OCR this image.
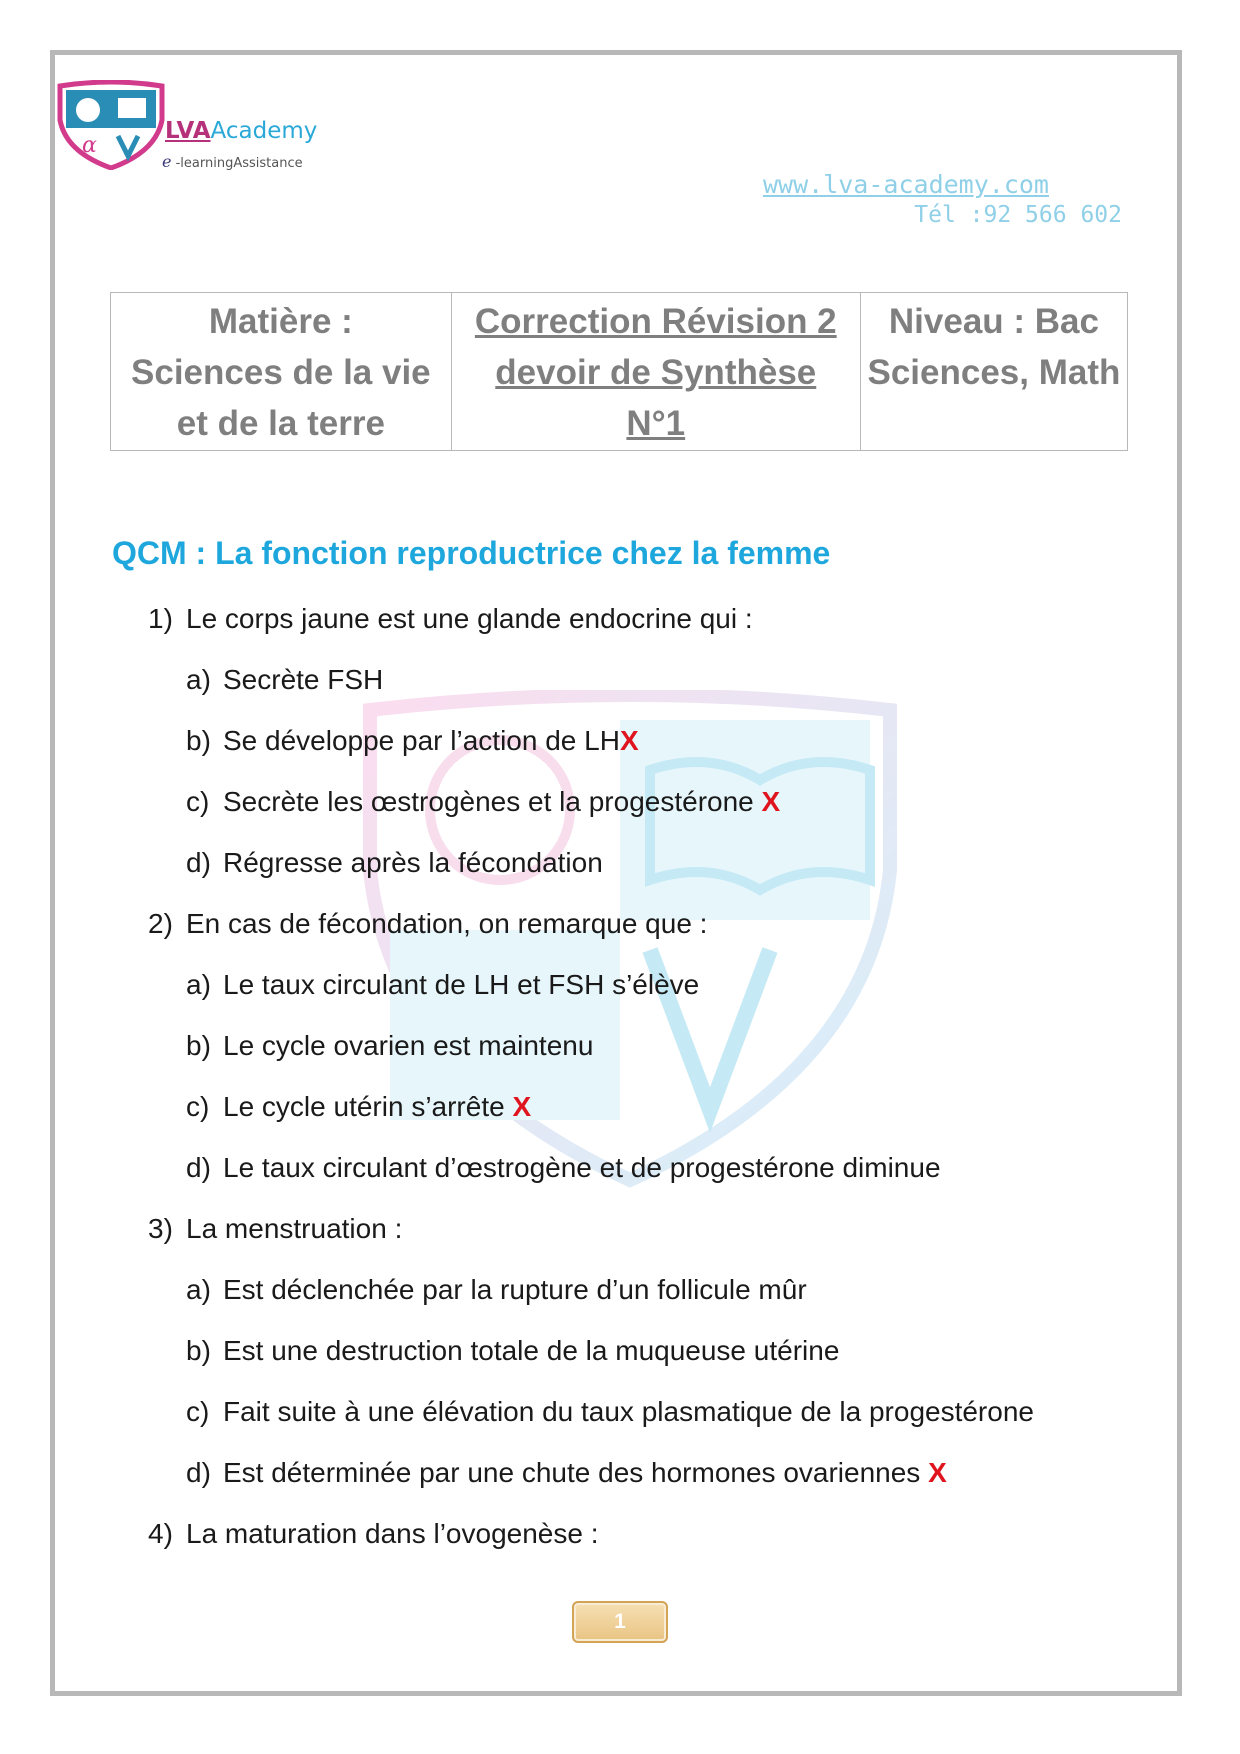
α
LVAAcademy
e -learningAssistance
www.lva-academy.com
Tél :92 566 602
Matière :
Sciences de la vie
et de la terre

Correction Révision 2
devoir de Synthèse
N°1

Niveau : Bac
Sciences, Math
QCM : La fonction reproductrice chez la femme
1) Le corps jaune est une glande endocrine qui :
a) Secrète FSH
b) Se développe par l’action de LHX
c) Secrète les œstrogènes et la progestérone X
d) Régresse après la fécondation
2) En cas de fécondation, on remarque que :
a) Le taux circulant de LH et FSH s’élève
b) Le cycle ovarien est maintenu
c) Le cycle utérin s’arrête X
d) Le taux circulant d’œstrogène et de progestérone diminue
3) La menstruation :
a) Est déclenchée par la rupture d’un follicule mûr
b) Est une destruction totale de la muqueuse utérine
c) Fait suite à une élévation du taux plasmatique de la progestérone
d) Est déterminée par une chute des hormones ovariennes X
4) La maturation dans l’ovogenèse :
1
